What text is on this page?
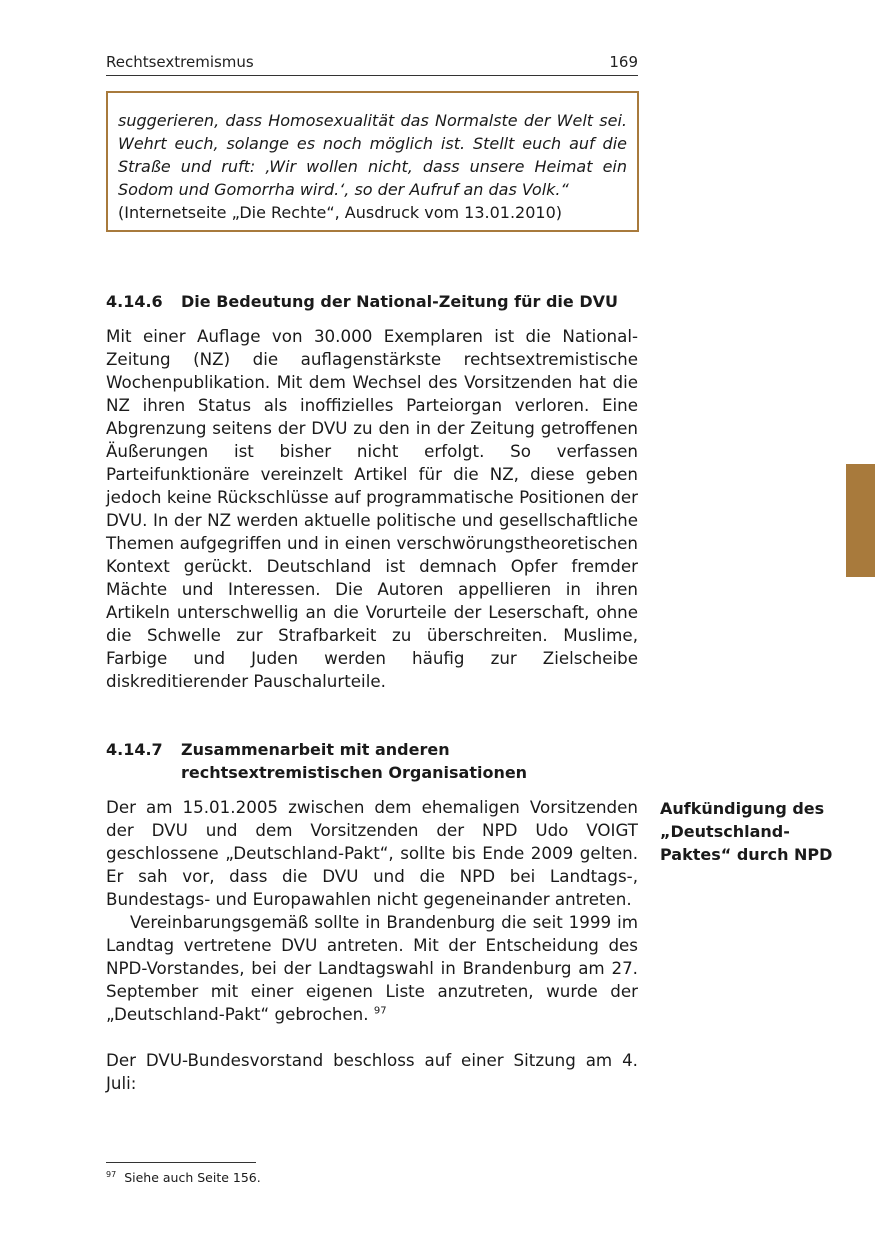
Rechtsextremismus	169

suggerieren, dass Homosexualität das Normalste der Welt sei. Wehrt euch, solange es noch möglich ist. Stellt euch auf die Straße und ruft: ‚Wir wollen nicht, dass unsere Heimat ein Sodom und Gomorrha wird.‘, so der Aufruf an das Volk.“

(Internetseite „Die Rechte“, Ausdruck vom 13.01.2010)

4.14.6 Die Bedeutung der National-Zeitung für die DVU

Mit einer Auflage von 30.000 Exemplaren ist die National-Zeitung (NZ) die auflagenstärkste rechtsextremistische Wochenpublikation. Mit dem Wechsel des Vorsitzenden hat die NZ ihren Status als inoffizielles Parteiorgan verloren. Eine Abgrenzung seitens der DVU zu den in der Zeitung getroffenen Äußerungen ist bisher nicht erfolgt. So verfassen Parteifunktionäre vereinzelt Artikel für die NZ, diese geben jedoch keine Rückschlüsse auf programmatische Positionen der DVU. In der NZ werden aktuelle politische und gesellschaftliche Themen aufgegriffen und in einen verschwörungstheoretischen Kontext gerückt. Deutschland ist demnach Opfer fremder Mächte und Interessen. Die Autoren appellieren in ihren Artikeln unterschwellig an die Vorurteile der Leserschaft, ohne die Schwelle zur Strafbarkeit zu überschreiten. Muslime, Farbige und Juden werden häufig zur Zielscheibe diskreditierender Pauschalurteile.

4.14.7 Zusammenarbeit mit anderen rechtsextremistischen Organisationen

Der am 15.01.2005 zwischen dem ehemaligen Vorsitzenden der DVU und dem Vorsitzenden der NPD Udo VOIGT geschlossene „Deutschland-Pakt“, sollte bis Ende 2009 gelten. Er sah vor, dass die DVU und die NPD bei Landtags-, Bundestags- und Europawahlen nicht gegeneinander antreten.

Vereinbarungsgemäß sollte in Brandenburg die seit 1999 im Landtag vertretene DVU antreten. Mit der Entscheidung des NPD-Vorstandes, bei der Landtagswahl in Brandenburg am 27. September mit einer eigenen Liste anzutreten, wurde der „Deutschland-Pakt“ gebrochen. $^{97}$

Der DVU-Bundesvorstand beschloss auf einer Sitzung am 4. Juli:

Aufkündigung des „Deutschland-Paktes“ durch NPD
$^{97}$ Siehe auch Seite 156.
